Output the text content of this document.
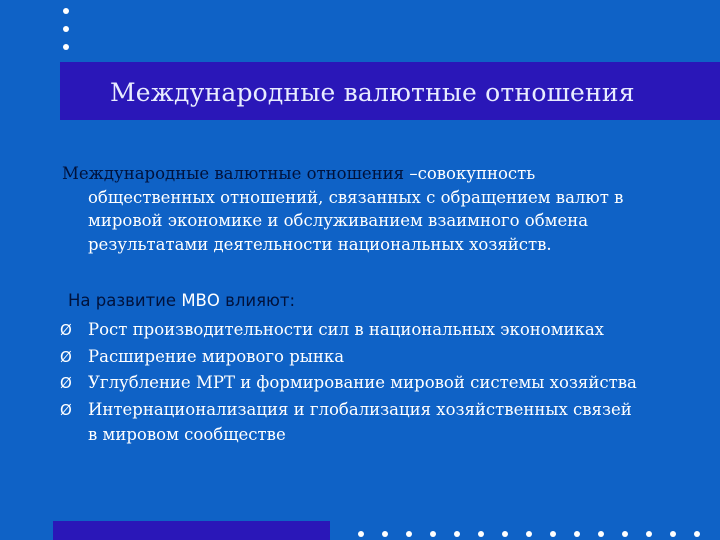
Международные валютные отношения
Международные валютные отношения –совокупность
общественных отношений, связанных с обращением валют в
мировой экономике и обслуживанием взаимного обмена
результатами деятельности национальных хозяйств.
На развитие МВО влияют:
Ø Рост производительности сил в национальных экономиках
Ø Расширение мирового рынка
Ø Углубление МРТ и формирование мировой системы хозяйства
Ø Интернационализация и глобализация хозяйственных связей
в мировом сообществе
